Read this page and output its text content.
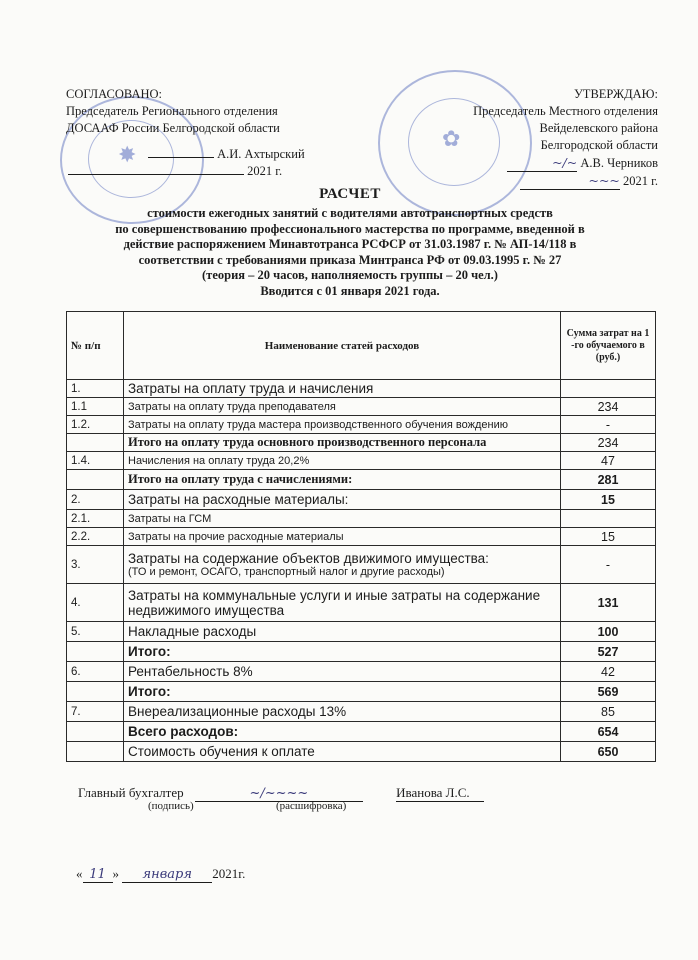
✸
✿
СОГЛАСОВАНО:
Председатель Регионального отделения
ДОСААФ России Белгородской области
А.И. Ахтырский
2021 г.
УТВЕРЖДАЮ:
Председатель Местного отделения
Вейделевского района
Белгородской области
~/~ А.В. Черников
~~~ 2021 г.
РАСЧЕТ

стоимости ежегодных занятий с водителями автотранспортных средств

по совершенствованию профессионального мастерства по программе, введенной в

действие распоряжением Минавтотранса РСФСР от 31.03.1987 г. № АП-14/118 в

соответствии с требованиями приказа Минтранса РФ от 09.03.1995 г. № 27

(теория – 20 часов, наполняемость группы – 20 чел.)

Вводится с 01 января 2021 года.

№ п/п	Наименование статей расходов	Сумма затрат на 1 -го обучаемого в (руб.)
1.	Затраты на оплату труда и начисления	
1.1	Затраты на оплату труда преподавателя	234
1.2.	Затраты на оплату труда мастера производственного обучения вождению	-
	Итого на оплату труда основного производственного персонала	234
1.4.	Начисления на оплату труда 20,2%	47
	Итого на оплату труда с начислениями:	281
2.	Затраты на расходные материалы:	15
2.1.	Затраты на ГСМ	
2.2.	Затраты на прочие расходные материалы	15
3.	Затраты на содержание объектов движимого имущества:
(ТО и ремонт, ОСАГО, транспортный налог и другие расходы)	-
4.	Затраты на коммунальные услуги и иные затраты на содержание недвижимого имущества	131
5.	Накладные расходы	100
	Итого:	527
6.	Рентабельность 8%	42
	Итого:	569
7.	Внереализационные расходы 13%	85
	Всего расходов:	654
	Стоимость обучения к оплате	650
Главный бухгалтер	~/~~~~	Иванова Л.С.
(подпись)	(расшифровка)
« 11 » января 2021г.
